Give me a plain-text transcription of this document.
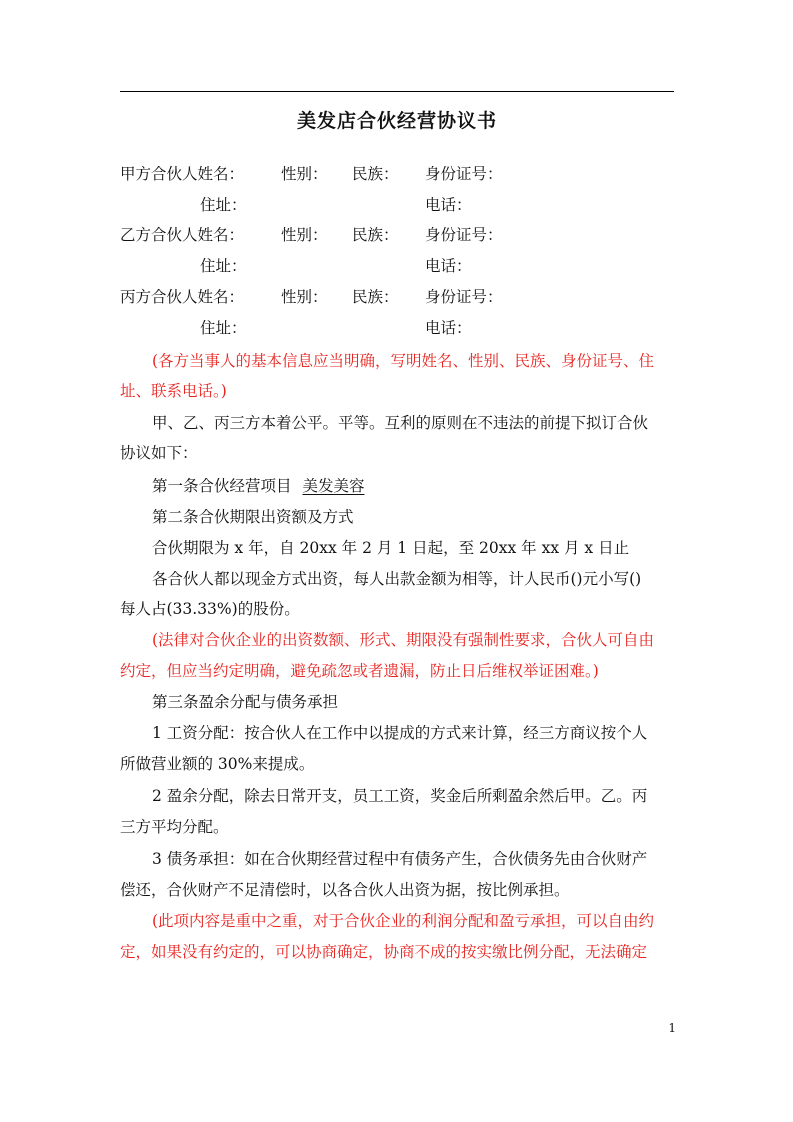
美发店合伙经营协议书
甲方合伙人姓名： 性别： 民族： 身份证号：
住址：	电话：
乙方合伙人姓名： 性别： 民族： 身份证号：
住址：	电话：
丙方合伙人姓名： 性别： 民族： 身份证号：
住址：	电话：
(各方当事人的基本信息应当明确，写明姓名、性别、民族、身份证号、住
址、联系电话。)
甲、乙、丙三方本着公平。平等。互利的原则在不违法的前提下拟订合伙
协议如下：
第一条合伙经营项目 美发美容
第二条合伙期限出资额及方式
合伙期限为 x 年，自 20xx 年 2 月 1 日起，至 20xx 年 xx 月 x 日止
各合伙人都以现金方式出资，每人出款金额为相等，计人民币()元小写()
每人占(33.33%)的股份。
(法律对合伙企业的出资数额、形式、期限没有强制性要求，合伙人可自由
约定，但应当约定明确，避免疏忽或者遗漏，防止日后维权举证困难。)
第三条盈余分配与债务承担
1 工资分配：按合伙人在工作中以提成的方式来计算，经三方商议按个人
所做营业额的 30%来提成。
2 盈余分配，除去日常开支，员工工资，奖金后所剩盈余然后甲。乙。丙
三方平均分配。
3 债务承担：如在合伙期经营过程中有债务产生，合伙债务先由合伙财产
偿还，合伙财产不足清偿时，以各合伙人出资为据，按比例承担。
(此项内容是重中之重，对于合伙企业的利润分配和盈亏承担，可以自由约
定，如果没有约定的，可以协商确定，协商不成的按实缴比例分配，无法确定
1
